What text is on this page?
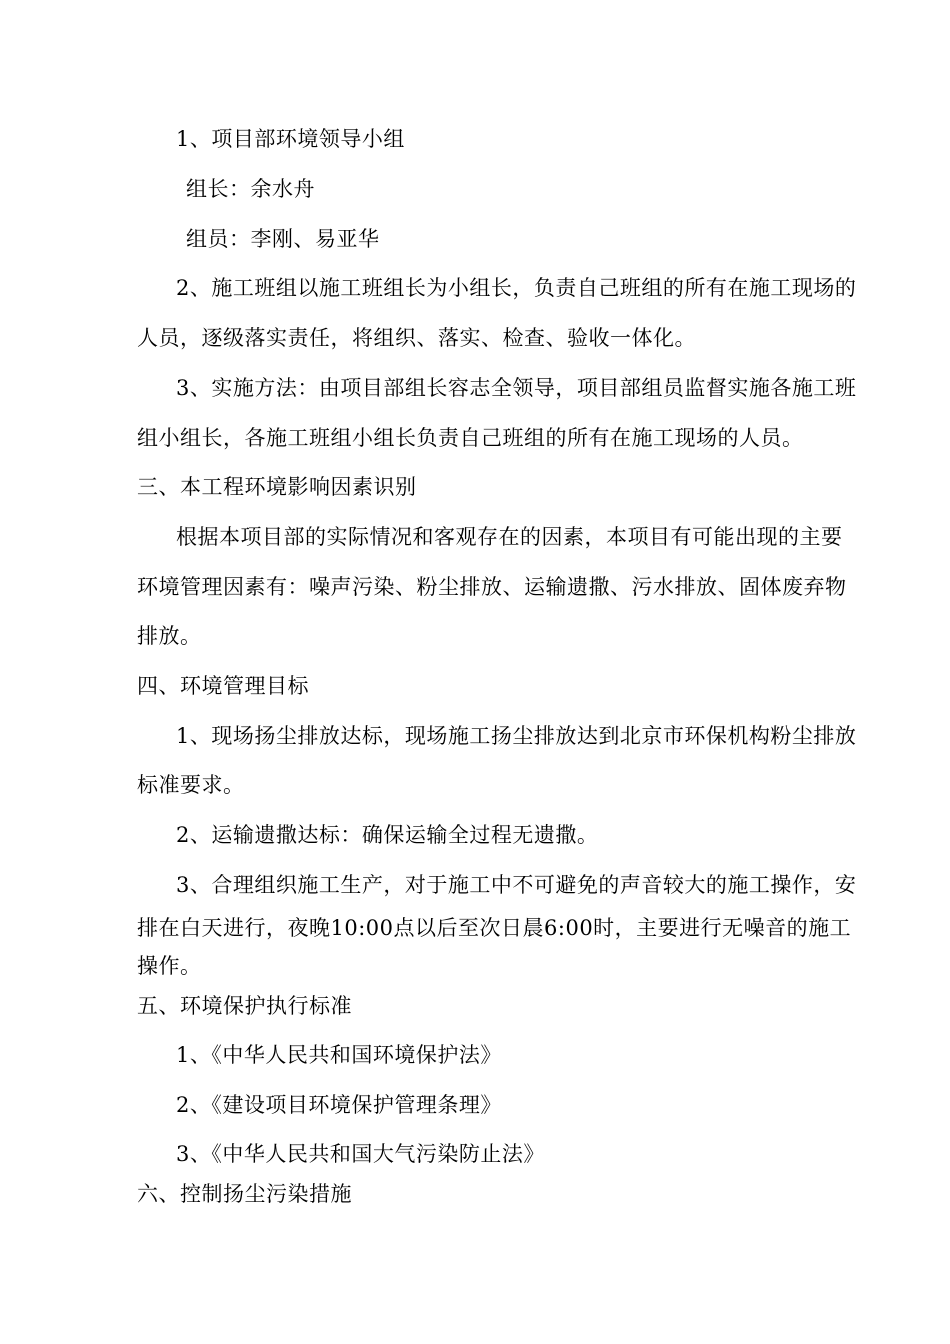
1、项目部环境领导小组
组长：余水舟
组员：李刚、易亚华
2、施工班组以施工班组长为小组长，负责自己班组的所有在施工现场的
人员，逐级落实责任，将组织、落实、检查、验收一体化。
3、实施方法：由项目部组长容志全领导，项目部组员监督实施各施工班
组小组长，各施工班组小组长负责自己班组的所有在施工现场的人员。
三、本工程环境影响因素识别
根据本项目部的实际情况和客观存在的因素，本项目有可能出现的主要
环境管理因素有：噪声污染、粉尘排放、运输遗撒、污水排放、固体废弃物
排放。
四、环境管理目标
1、现场扬尘排放达标，现场施工扬尘排放达到北京市环保机构粉尘排放
标准要求。
2、运输遗撒达标：确保运输全过程无遗撒。
3、合理组织施工生产，对于施工中不可避免的声音较大的施工操作，安
排在白天进行，夜晚10:00点以后至次日晨6:00时，主要进行无噪音的施工
操作。
五、环境保护执行标准
1、《中华人民共和国环境保护法》
2、《建设项目环境保护管理条理》
3、《中华人民共和国大气污染防止法》
六、控制扬尘污染措施
